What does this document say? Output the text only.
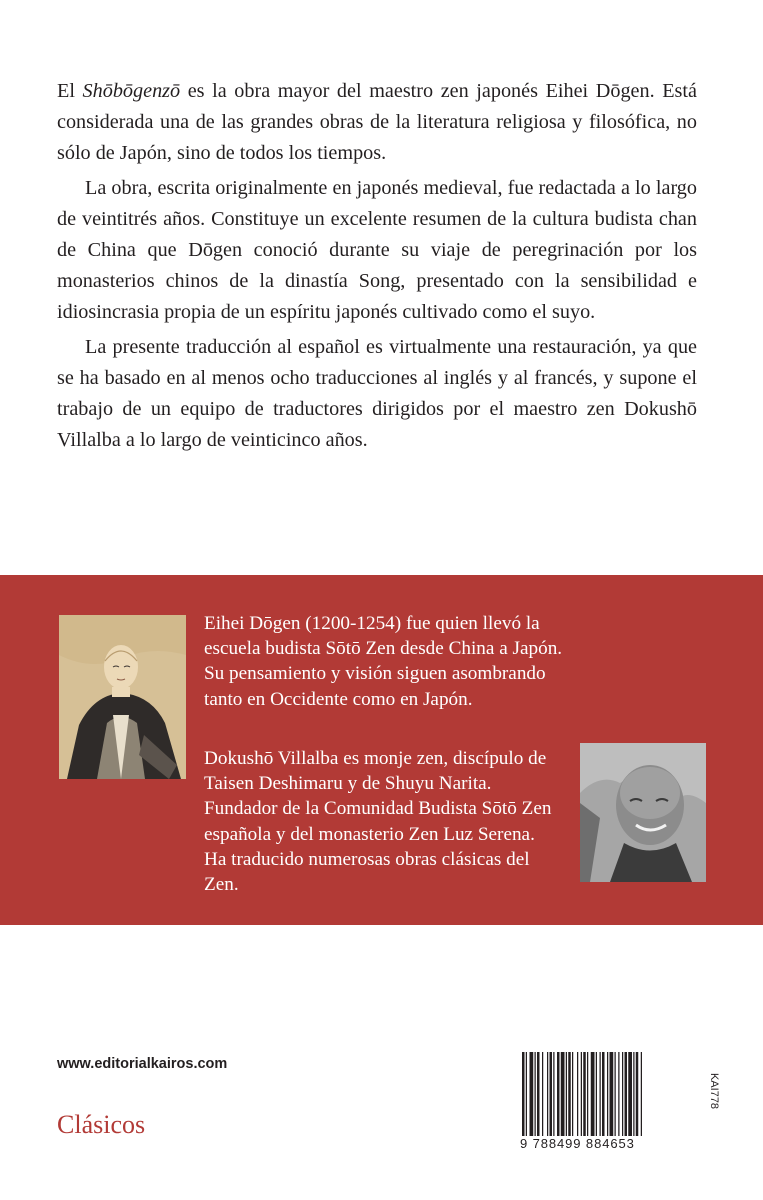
El Shōbōgenzō es la obra mayor del maestro zen japonés Eihei Dōgen. Está considerada una de las grandes obras de la literatura religiosa y filosófica, no sólo de Japón, sino de todos los tiempos.

La obra, escrita originalmente en japonés medieval, fue redactada a lo largo de veintitrés años. Constituye un excelente resumen de la cultura budista chan de China que Dōgen conoció durante su viaje de peregrinación por los monasterios chinos de la dinastía Song, presentado con la sensibilidad e idiosincrasia propia de un espíritu japonés cultivado como el suyo.

La presente traducción al español es virtualmente una restauración, ya que se ha basado en al menos ocho traducciones al inglés y al francés, y supone el trabajo de un equipo de traductores dirigidos por el maestro zen Dokushō Villalba a lo largo de veinticinco años.

Eihei Dōgen (1200-1254) fue quien llevó la escuela budista Sōtō Zen desde China a Japón. Su pensamiento y visión siguen asombrando tanto en Occidente como en Japón.

Dokushō Villalba es monje zen, discípulo de Taisen Deshimaru y de Shuyu Narita. Fundador de la Comunidad Budista Sōtō Zen española y del monasterio Zen Luz Serena. Ha traducido numerosas obras clásicas del Zen.

www.editorialkairos.com
Clásicos
9 788499 884653
KAI778
